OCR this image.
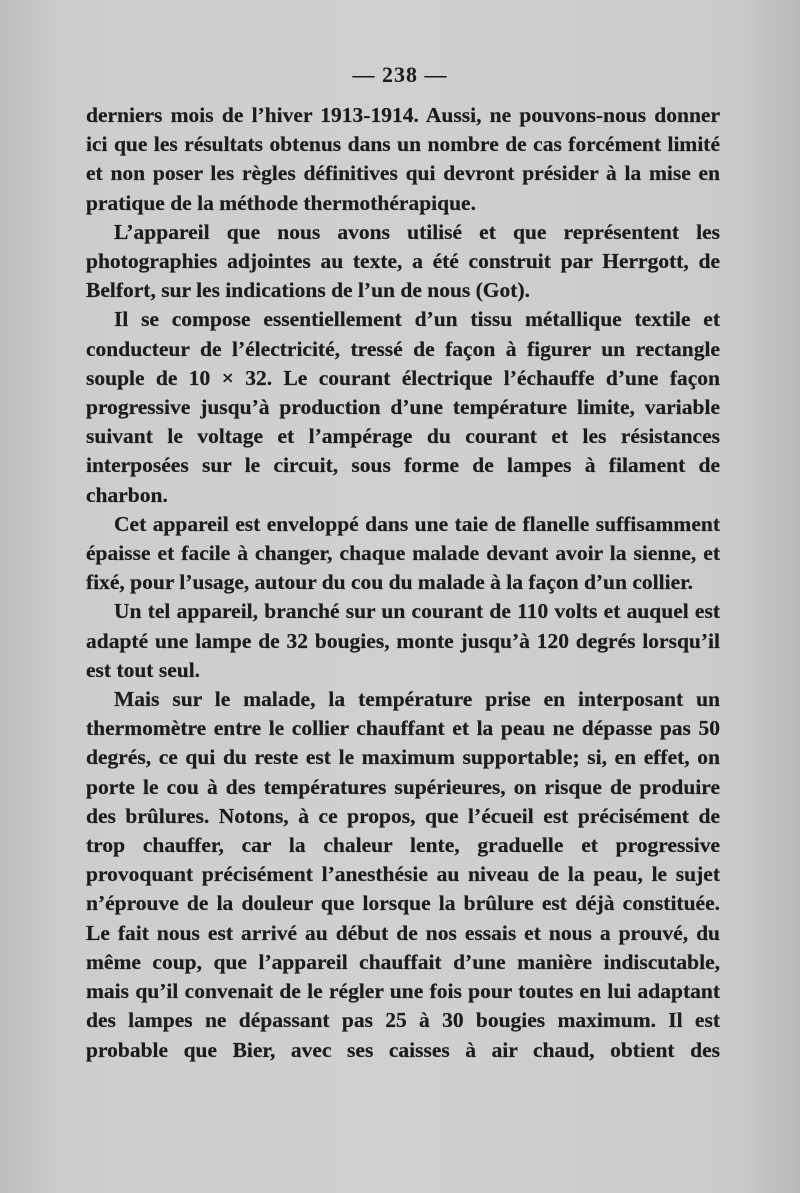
— 238 —

derniers mois de l’hiver 1913-1914. Aussi, ne pouvons-nous donner ici que les résultats obtenus dans un nombre de cas forcément limité et non poser les règles définitives qui devront présider à la mise en pratique de la méthode thermothérapique.

L’appareil que nous avons utilisé et que représentent les photographies adjointes au texte, a été construit par Herrgott, de Belfort, sur les indications de l’un de nous (Got).

Il se compose essentiellement d’un tissu métallique textile et conducteur de l’électricité, tressé de façon à figurer un rectangle souple de 10 × 32. Le courant électrique l’échauffe d’une façon progressive jusqu’à production d’une température limite, variable suivant le voltage et l’ampérage du courant et les résistances interposées sur le circuit, sous forme de lampes à filament de charbon.

Cet appareil est enveloppé dans une taie de flanelle suffisamment épaisse et facile à changer, chaque malade devant avoir la sienne, et fixé, pour l’usage, autour du cou du malade à la façon d’un collier.

Un tel appareil, branché sur un courant de 110 volts et auquel est adapté une lampe de 32 bougies, monte jusqu’à 120 degrés lorsqu’il est tout seul.

Mais sur le malade, la température prise en interposant un thermomètre entre le collier chauffant et la peau ne dépasse pas 50 degrés, ce qui du reste est le maximum supportable; si, en effet, on porte le cou à des températures supérieures, on risque de produire des brûlures. Notons, à ce propos, que l’écueil est précisément de trop chauffer, car la chaleur lente, graduelle et progressive provoquant précisément l’anesthésie au niveau de la peau, le sujet n’éprouve de la douleur que lorsque la brûlure est déjà constituée. Le fait nous est arrivé au début de nos essais et nous a prouvé, du même coup, que l’appareil chauffait d’une manière indiscutable, mais qu’il convenait de le régler une fois pour toutes en lui adaptant des lampes ne dépassant pas 25 à 30 bougies maximum. Il est probable que Bier, avec ses caisses à air chaud, obtient des
